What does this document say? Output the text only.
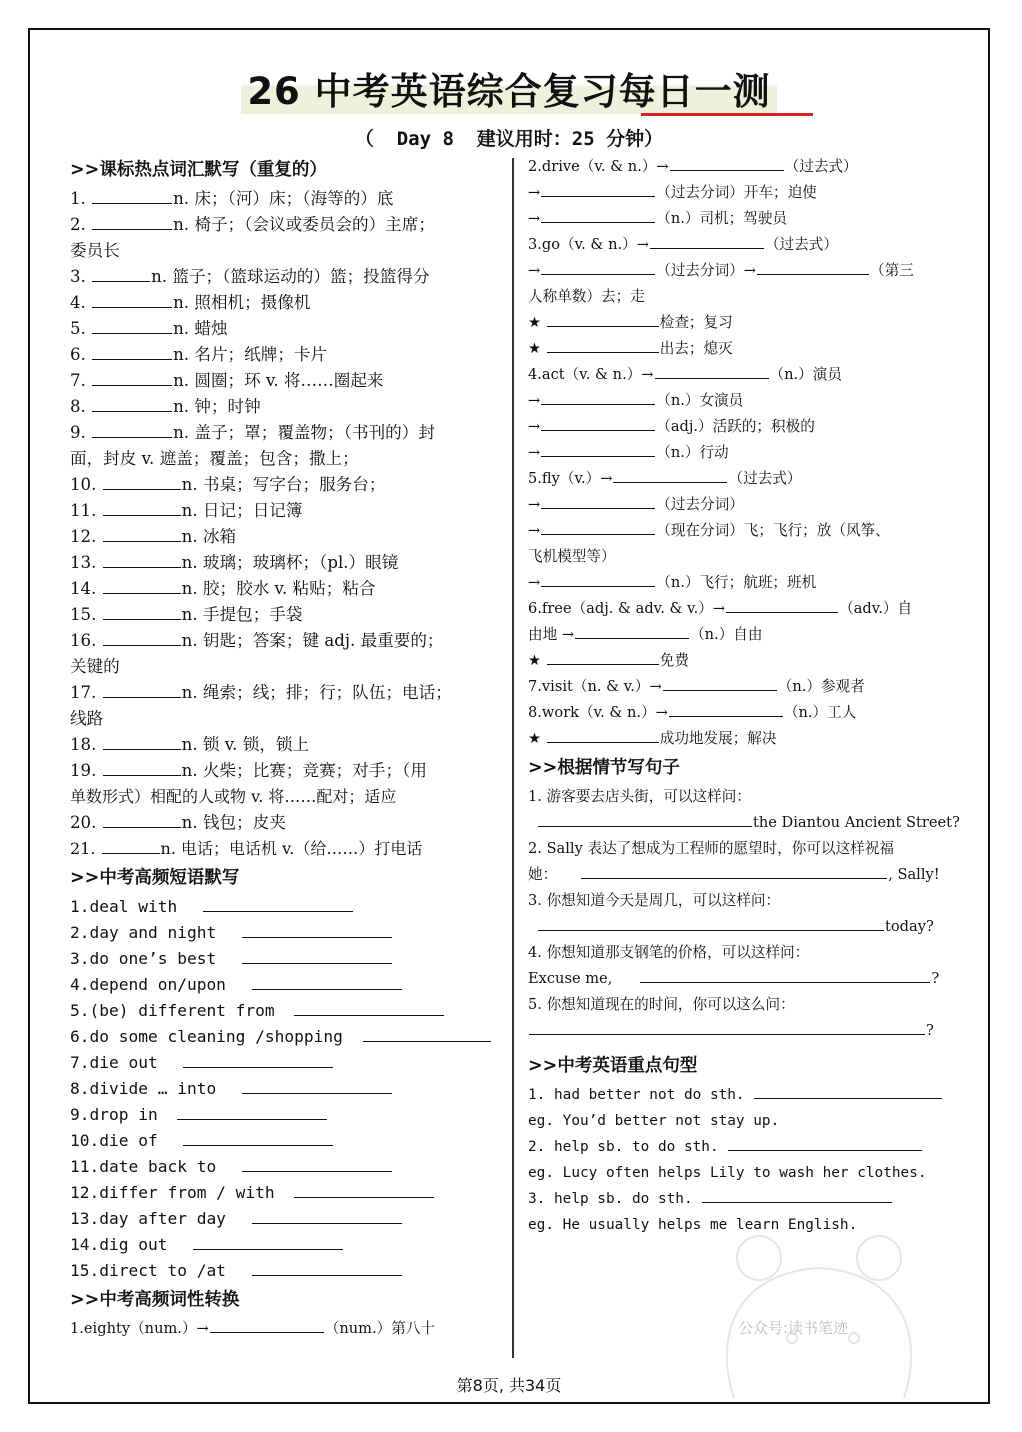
26 中考英语综合复习每日一测
（  Day 8  建议用时：25 分钟）
>>课标热点词汇默写（重复的）
1.	n. 床；（河）床；（海等的）底
2.	n. 椅子；（会议或委员会的）主席；
委员长
3.	n. 篮子；（篮球运动的）篮；投篮得分
4.	n. 照相机；摄像机
5.	n. 蜡烛
6.	n. 名片；纸牌；卡片
7.	n. 圆圈；环 v. 将……圈起来
8.	n. 钟；时钟
9.	n. 盖子；罩；覆盖物；（书刊的）封
面，封皮 v. 遮盖；覆盖；包含；撒上；
10.	n. 书桌；写字台；服务台；
11.	n. 日记；日记簿
12.	n. 冰箱
13.	n. 玻璃；玻璃杯；（pl.）眼镜
14.	n. 胶；胶水 v. 粘贴；粘合
15.	n. 手提包；手袋
16.	n. 钥匙；答案；键 adj. 最重要的；
关键的
17.	n. 绳索；线；排；行；队伍；电话；
线路
18.	n. 锁 v. 锁，锁上
19.	n. 火柴；比赛；竞赛；对手；（用
单数形式）相配的人或物 v. 将……配对；适应
20.	n. 钱包；皮夹
21.	n. 电话；电话机 v.（给……）打电话
>>中考高频短语默写
1.deal with
2.day and night
3.do one’s best
4.depend on/upon
5.(be) different from
6.do some cleaning /shopping
7.die out
8.divide … into
9.drop in
10.die of
11.date back to
12.differ from / with
13.day after day
14.dig out
15.direct to /at
>>中考高频词性转换
1.eighty（num.）→	（num.）第八十
2.drive（v. & n.）→	（过去式）
→	（过去分词）开车；迫使
→	（n.）司机；驾驶员
3.go（v. & n.）→	（过去式）
→	（过去分词）→	（第三
人称单数）去；走
★	检查；复习
★	出去；熄灭
4.act（v. & n.）→	（n.）演员
→	（n.）女演员
→	（adj.）活跃的；积极的
→	（n.）行动
5.fly（v.）→	（过去式）
→	（过去分词）
→	（现在分词）飞；飞行；放（风筝、
飞机模型等）
→	（n.）飞行；航班；班机
6.free（adj. & adv. & v.）→	（adv.）自
由地 →	（n.）自由
★	免费
7.visit（n. & v.）→	（n.）参观者
8.work（v. & n.）→	（n.）工人
★	成功地发展；解决
>>根据情节写句子
1. 游客要去店头街，可以这样问：
the Diantou Ancient Street?
2. Sally 表达了想成为工程师的愿望时，你可以这样祝福
她：	, Sally!
3. 你想知道今天是周几，可以这样问：
today?
4. 你想知道那支钢笔的价格，可以这样问：
Excuse me,	?
5. 你想知道现在的时间，你可以这么问：
?
>>中考英语重点句型
1. had better not do sth.
eg. You’d better not stay up.
2. help sb. to do sth.
eg. Lucy often helps Lily to wash her clothes.
3. help sb. do sth.
eg. He usually helps me learn English.
公众号:读书笔迹
第8页, 共34页
